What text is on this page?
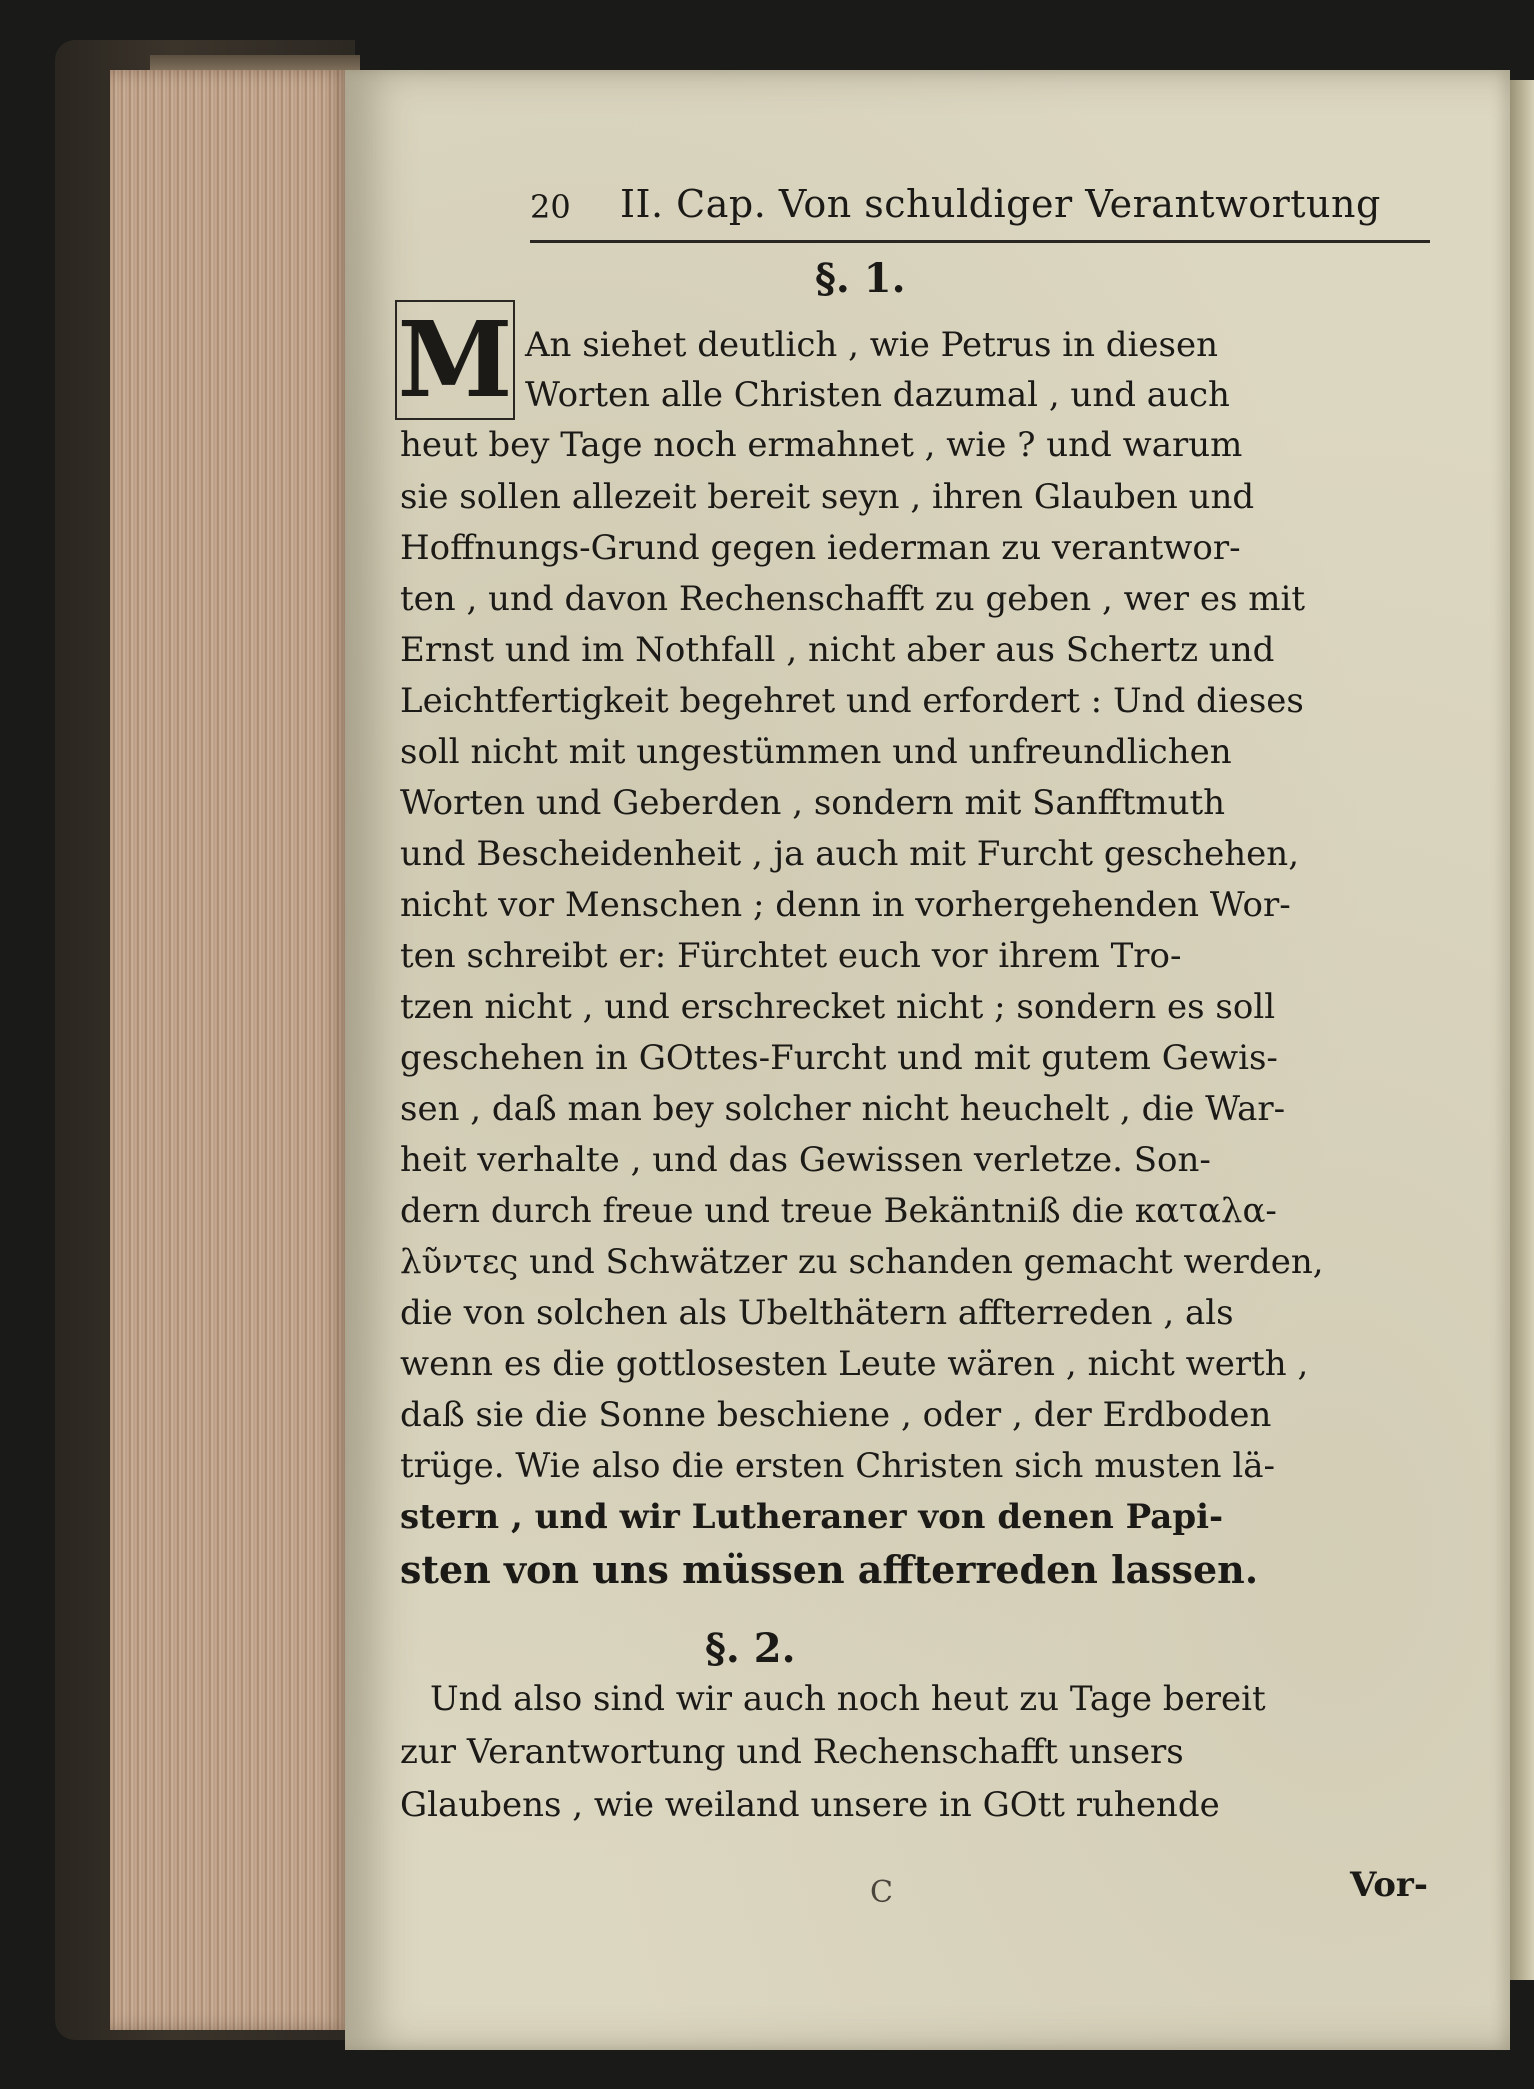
20 II. Cap. Von schuldiger Verantwortung
§. 1.
M An siehet deutlich , wie Petrus in diesen
Worten alle Christen dazumal , und auch
heut bey Tage noch ermahnet , wie ? und warum
sie sollen allezeit bereit seyn , ihren Glauben und
Hoffnungs-Grund gegen iederman zu verantwor-
ten , und davon Rechenschafft zu geben , wer es mit
Ernst und im Nothfall , nicht aber aus Schertz und
Leichtfertigkeit begehret und erfordert : Und dieses
soll nicht mit ungestümmen und unfreundlichen
Worten und Geberden , sondern mit Sanfftmuth
und Bescheidenheit , ja auch mit Furcht geschehen,
nicht vor Menschen ; denn in vorhergehenden Wor-
ten schreibt er: Fürchtet euch vor ihrem Tro-
tzen nicht , und erschrecket nicht ; sondern es soll
geschehen in GOttes-Furcht und mit gutem Gewis-
sen , daß man bey solcher nicht heuchelt , die War-
heit verhalte , und das Gewissen verletze. Son-
dern durch freue und treue Bekäntniß die καταλα-
λῦντες und Schwätzer zu schanden gemacht werden,
die von solchen als Ubelthätern affterreden , als
wenn es die gottlosesten Leute wären , nicht werth ,
daß sie die Sonne beschiene , oder , der Erdboden
trüge. Wie also die ersten Christen sich musten lä-
stern , und wir Lutheraner von denen Papi-
sten von uns müssen affterreden lassen.
§. 2.
Und also sind wir auch noch heut zu Tage bereit
zur Verantwortung und Rechenschafft unsers
Glaubens , wie weiland unsere in GOtt ruhende
C	Vor-
